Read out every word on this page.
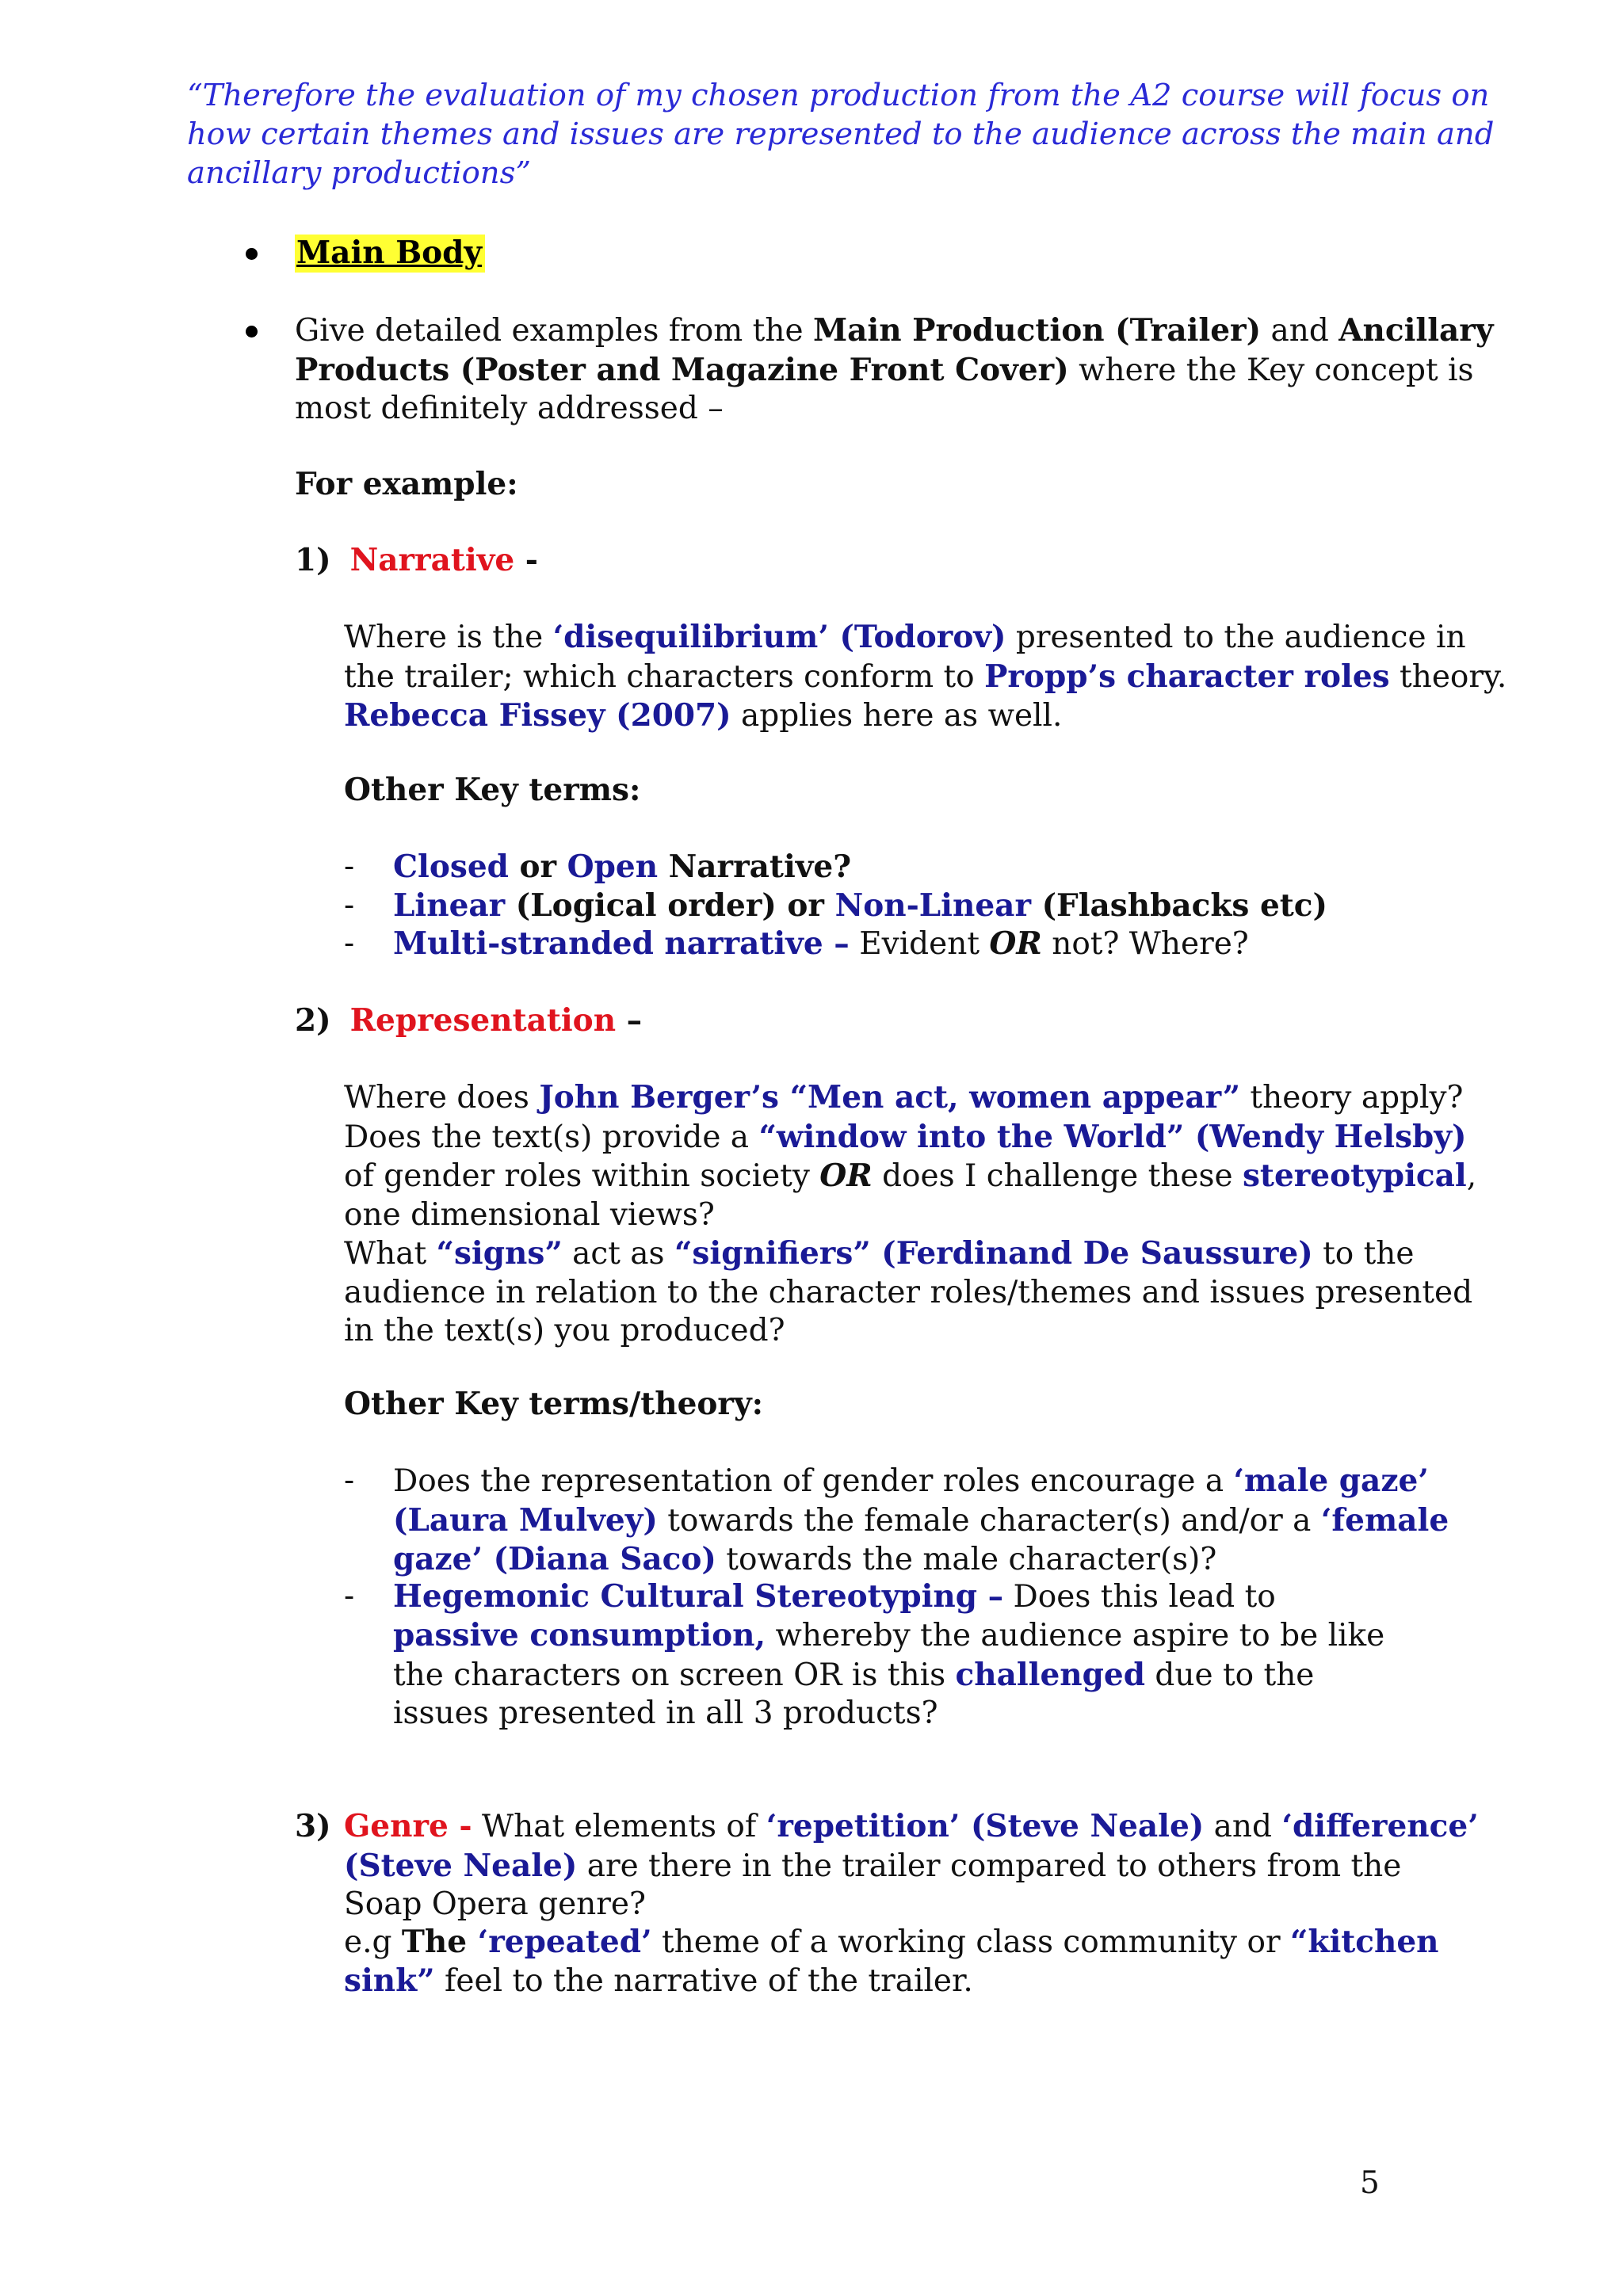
“Therefore the evaluation of my chosen production from the A2 course will focus on how certain themes and issues are represented to the audience across the main and ancillary productions”
Main Body
Give detailed examples from the Main Production (Trailer) and Ancillary Products (Poster and Magazine Front Cover) where the Key concept is most definitely addressed –
For example:
1) Narrative -
Where is the ‘disequilibrium’ (Todorov) presented to the audience in the trailer; which characters conform to Propp’s character roles theory.
Rebecca Fissey (2007) applies here as well.
Other Key terms:
- Closed or Open Narrative?
- Linear (Logical order) or Non-Linear (Flashbacks etc)
- Multi-stranded narrative – Evident OR not? Where?
2) Representation –
Where does John Berger’s “Men act, women appear” theory apply?
Does the text(s) provide a “window into the World” (Wendy Helsby) of gender roles within society OR does I challenge these stereotypical, one dimensional views?
What “signs” act as “signifiers” (Ferdinand De Saussure) to the audience in relation to the character roles/themes and issues presented in the text(s) you produced?
Other Key terms/theory:
- Does the representation of gender roles encourage a ‘male gaze’ (Laura Mulvey) towards the female character(s) and/or a ‘female gaze’ (Diana Saco) towards the male character(s)?
- Hegemonic Cultural Stereotyping – Does this lead to passive consumption, whereby the audience aspire to be like the characters on screen OR is this challenged due to the issues presented in all 3 products?
3) Genre - What elements of ‘repetition’ (Steve Neale) and ‘difference’ (Steve Neale) are there in the trailer compared to others from the Soap Opera genre?
e.g The ‘repeated’ theme of a working class community or “kitchen sink” feel to the narrative of the trailer.
5
